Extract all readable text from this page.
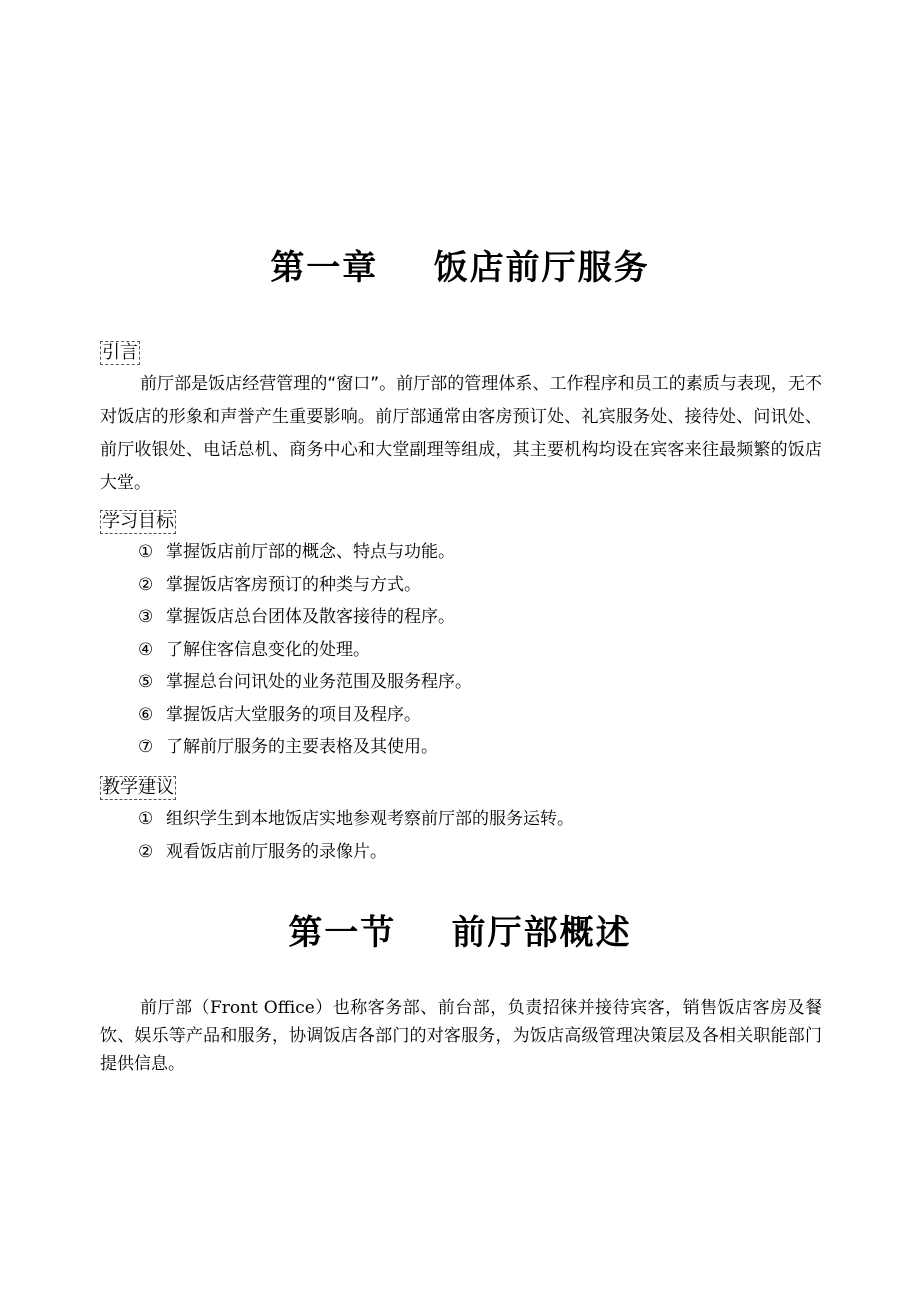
第一章    饭店前厅服务
引言
前厅部是饭店经营管理的“窗口”。前厅部的管理体系、工作程序和员工的素质与表现，无不对饭店的形象和声誉产生重要影响。前厅部通常由客房预订处、礼宾服务处、接待处、问讯处、前厅收银处、电话总机、商务中心和大堂副理等组成，其主要机构均设在宾客来往最频繁的饭店大堂。
学习目标
① 掌握饭店前厅部的概念、特点与功能。
② 掌握饭店客房预订的种类与方式。
③ 掌握饭店总台团体及散客接待的程序。
④ 了解住客信息变化的处理。
⑤ 掌握总台问讯处的业务范围及服务程序。
⑥ 掌握饭店大堂服务的项目及程序。
⑦ 了解前厅服务的主要表格及其使用。
教学建议
① 组织学生到本地饭店实地参观考察前厅部的服务运转。
② 观看饭店前厅服务的录像片。
第一节    前厅部概述
前厅部（Front Office）也称客务部、前台部，负责招徕并接待宾客，销售饭店客房及餐饮、娱乐等产品和服务，协调饭店各部门的对客服务，为饭店高级管理决策层及各相关职能部门提供信息。
